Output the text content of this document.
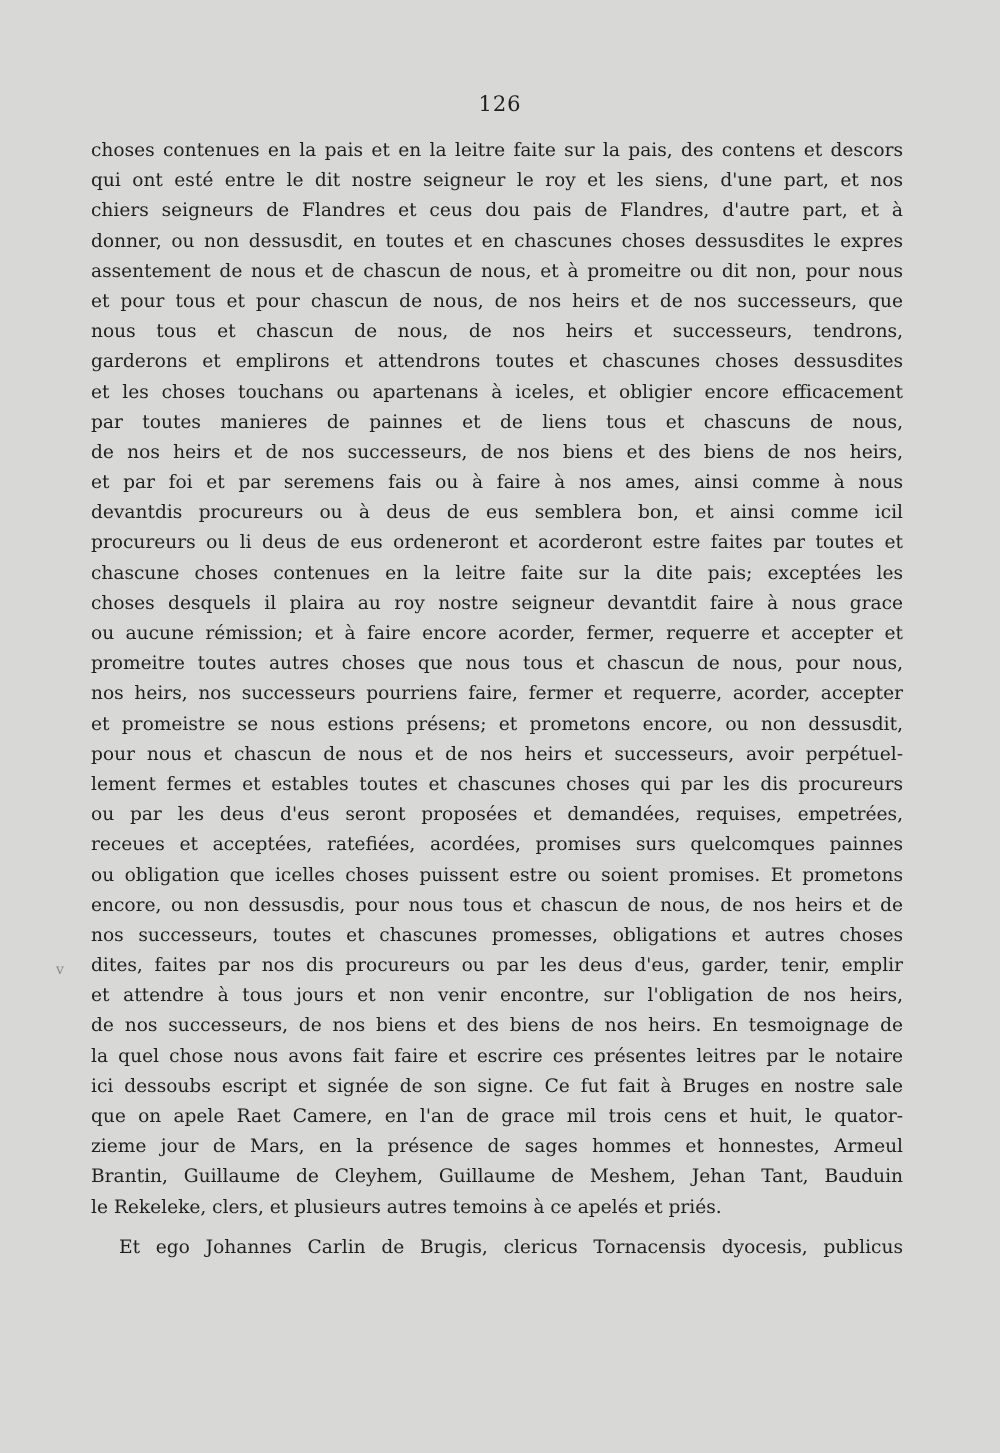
126
v
choses contenues en la pais et en la leitre faite sur la pais, des contens et descors
qui ont esté entre le dit nostre seigneur le roy et les siens, d'une part, et nos
chiers seigneurs de Flandres et ceus dou pais de Flandres, d'autre part, et à
donner, ou non dessusdit, en toutes et en chascunes choses dessusdites le expres
assentement de nous et de chascun de nous, et à promeitre ou dit non, pour nous
et pour tous et pour chascun de nous, de nos heirs et de nos successeurs, que
nous tous et chascun de nous, de nos heirs et successeurs, tendrons,
garderons et emplirons et attendrons toutes et chascunes choses dessusdites
et les choses touchans ou apartenans à iceles, et obligier encore efficacement
par toutes manieres de painnes et de liens tous et chascuns de nous,
de nos heirs et de nos successeurs, de nos biens et des biens de nos heirs,
et par foi et par seremens fais ou à faire à nos ames, ainsi comme à nous
devantdis procureurs ou à deus de eus semblera bon, et ainsi comme icil
procureurs ou li deus de eus ordeneront et acorderont estre faites par toutes et
chascune choses contenues en la leitre faite sur la dite pais; exceptées les
choses desquels il plaira au roy nostre seigneur devantdit faire à nous grace
ou aucune rémission; et à faire encore acorder, fermer, requerre et accepter et
promeitre toutes autres choses que nous tous et chascun de nous, pour nous,
nos heirs, nos successeurs pourriens faire, fermer et requerre, acorder, accepter
et promeistre se nous estions présens; et prometons encore, ou non dessusdit,
pour nous et chascun de nous et de nos heirs et successeurs, avoir perpétuel-
lement fermes et estables toutes et chascunes choses qui par les dis procureurs
ou par les deus d'eus seront proposées et demandées, requises, empetrées,
receues et acceptées, ratefiées, acordées, promises surs quelcomques painnes
ou obligation que icelles choses puissent estre ou soient promises. Et prometons
encore, ou non dessusdis, pour nous tous et chascun de nous, de nos heirs et de
nos successeurs, toutes et chascunes promesses, obligations et autres choses
dites, faites par nos dis procureurs ou par les deus d'eus, garder, tenir, emplir
et attendre à tous jours et non venir encontre, sur l'obligation de nos heirs,
de nos successeurs, de nos biens et des biens de nos heirs. En tesmoignage de
la quel chose nous avons fait faire et escrire ces présentes leitres par le notaire
ici dessoubs escript et signée de son signe. Ce fut fait à Bruges en nostre sale
que on apele Raet Camere, en l'an de grace mil trois cens et huit, le quator-
zieme jour de Mars, en la présence de sages hommes et honnestes, Armeul
Brantin, Guillaume de Cleyhem, Guillaume de Meshem, Jehan Tant, Bauduin
le Rekeleke, clers, et plusieurs autres temoins à ce apelés et priés.
Et ego Johannes Carlin de Brugis, clericus Tornacensis dyocesis, publicus
